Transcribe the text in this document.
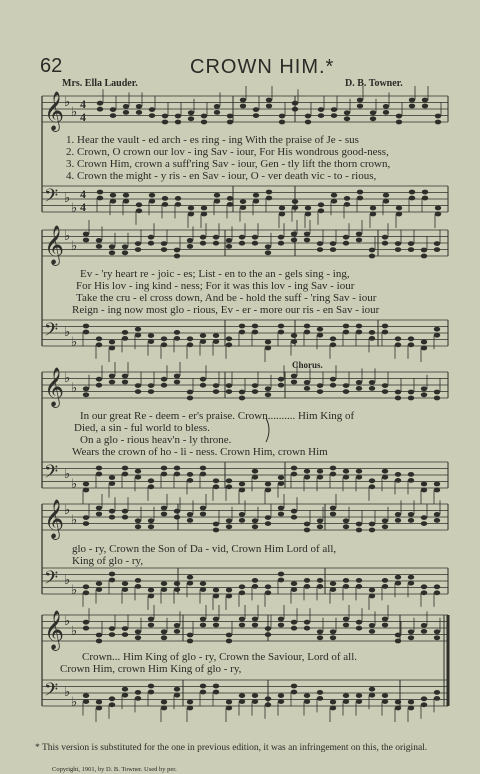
62	CROWN HIM.*
Mrs. Ella Lauder.	D. B. Towner.
𝄞 ♭
♭ 4
4
𝄢 ♭
♭
4
4
𝄞 ♭
♭
𝄢 ♭
♭
𝄞 ♭
♭
𝄢 ♭
♭
𝄞 ♭
♭
𝄢 ♭
♭
𝄞 ♭
♭
𝄢 ♭
♭
1. Hear the vault - ed arch - es ring - ing With the praise of Je - sus
2. Crown, O crown our lov - ing Sav - iour, For His wondrous good-ness,
3. Crown Him, crown a suff'ring Sav - iour, Gen - tly lift the thorn crown,
4. Crown the might - y ris - en Sav - iour, O - ver death vic - to - rious,
Ev - 'ry heart re - joic - es; List - en to the an - gels sing - ing,
For His lov - ing kind - ness; For it was this lov - ing Sav - iour
Take the cru - el cross down, And be - hold the suff - 'ring Sav - iour
Reign - ing now most glo - rious, Ev - er - more our ris - en Sav - iour
Chorus.
In our great Re - deem - er's praise. Crown.......... Him King of
Died, a sin - ful world to bless.
On a glo - rious heav'n - ly throne.
Wears the crown of ho - li - ness. Crown Him, crown Him
glo - ry, Crown the Son of Da - vid, Crown Him Lord of all,
King of glo - ry,
Crown... Him King of glo - ry, Crown the Saviour, Lord of all.
Crown Him, crown Him King of glo - ry,
* This version is substituted for the one in previous edition, it was an infringement on this, the original.
Copyright, 1901, by D. B. Towner. Used by per.
